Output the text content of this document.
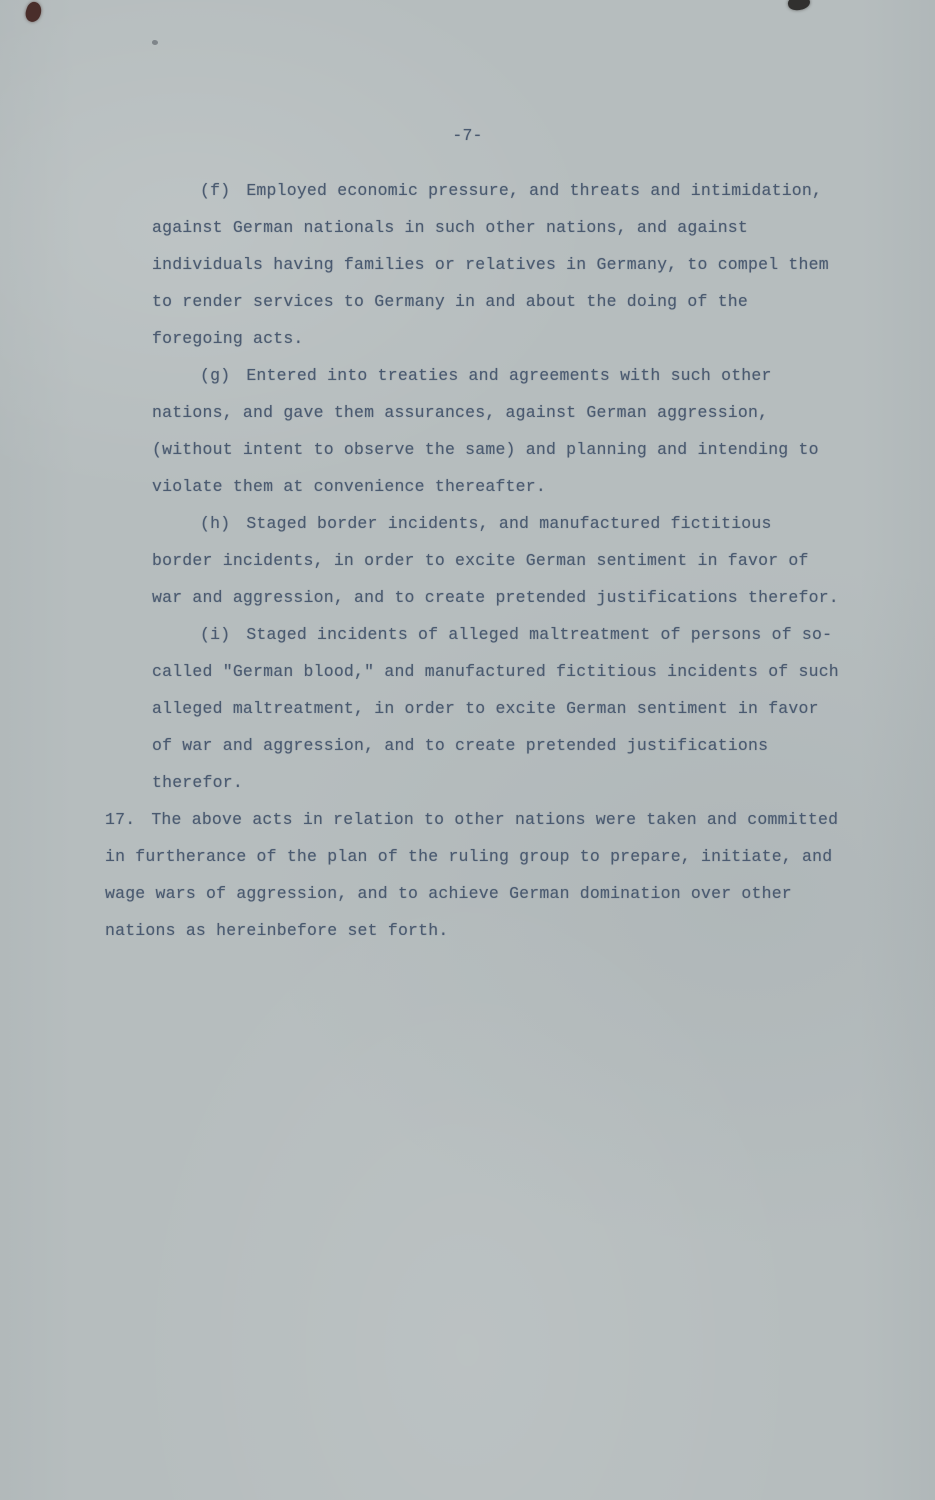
-7-

(f) Employed economic pressure, and threats and intimidation, against German nationals in such other nations, and against individuals having families or relatives in Germany, to compel them to render services to Germany in and about the doing of the foregoing acts.

(g) Entered into treaties and agreements with such other nations, and gave them assurances, against German aggression, (without intent to observe the same) and planning and intending to violate them at convenience thereafter.

(h) Staged border incidents, and manufactured fictitious border incidents, in order to excite German sentiment in favor of war and aggression, and to create pretended justifications therefor.

(i) Staged incidents of alleged maltreatment of persons of so-called "German blood," and manufactured fictitious incidents of such alleged maltreatment, in order to excite German sentiment in favor of war and aggression, and to create pretended justifications therefor.

17. The above acts in relation to other nations were taken and committed in furtherance of the plan of the ruling group to prepare, initiate, and wage wars of aggression, and to achieve German domination over other nations as hereinbefore set forth.
